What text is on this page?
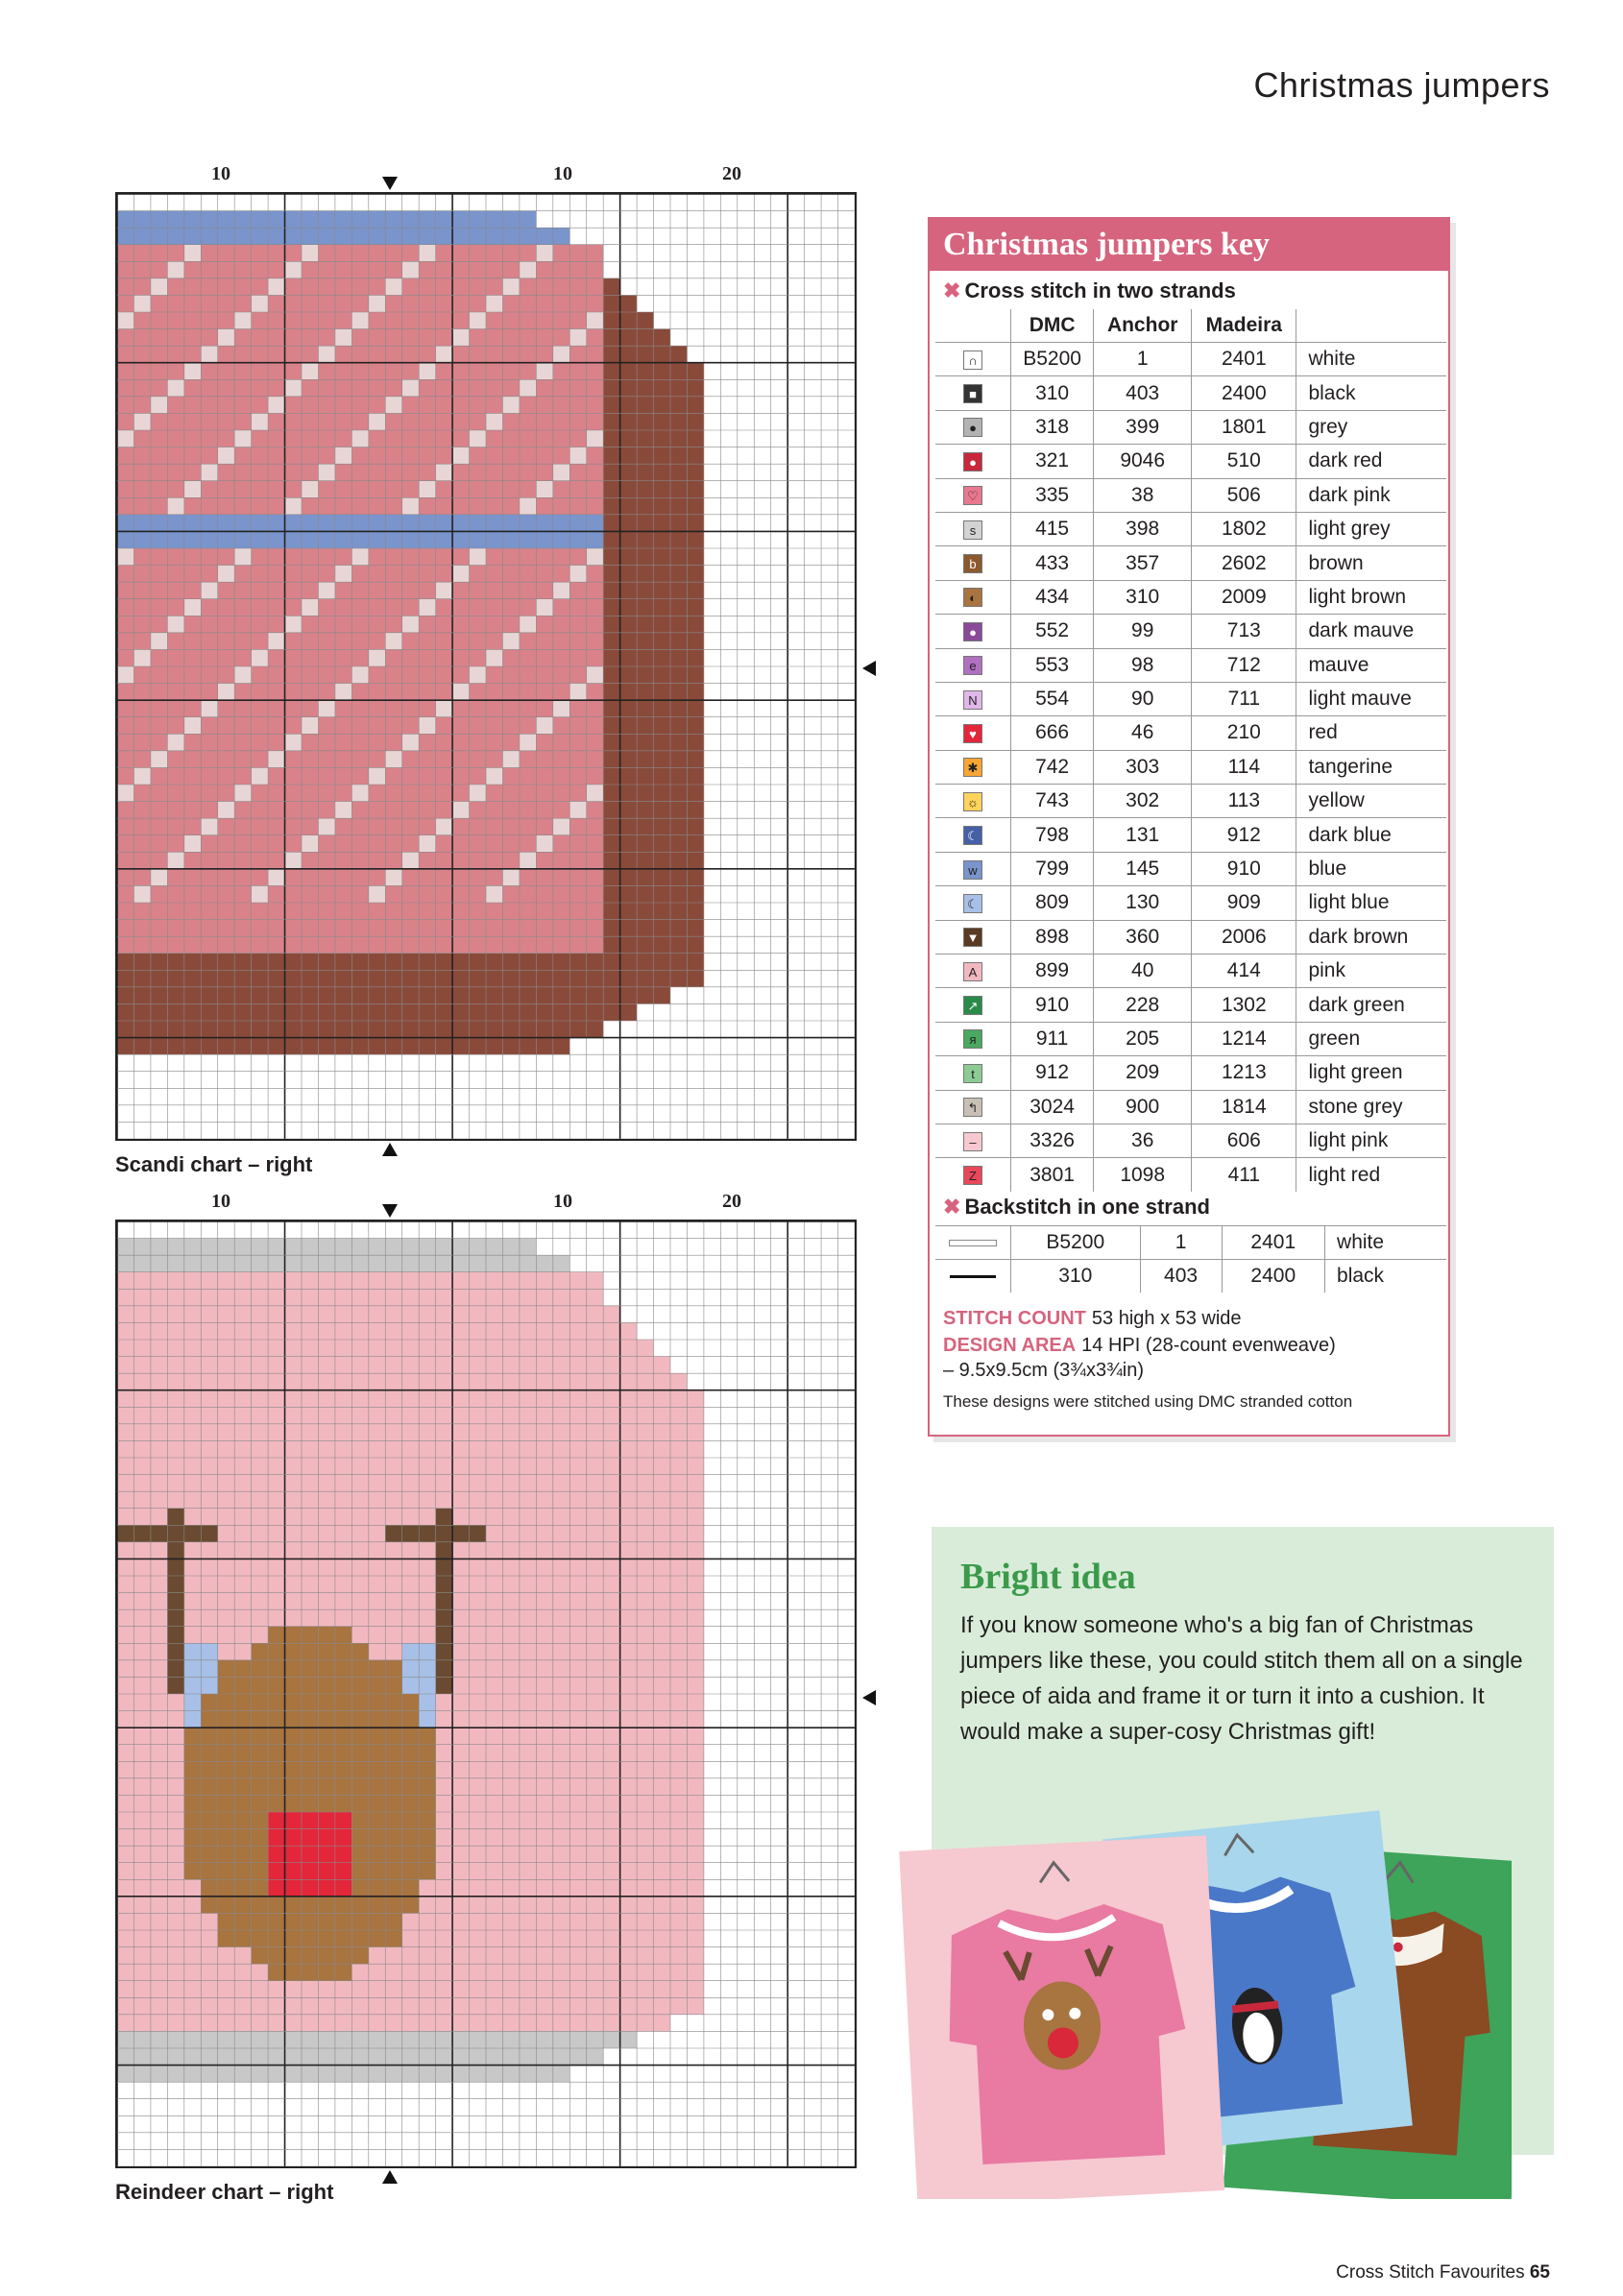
Christmas jumpers
10	10	20
Scandi chart – right
10	10	20
Reindeer chart – right
Christmas jumpers key
✖ Cross stitch in two strands
	DMC	Anchor	Madeira	
∩	B5200	1	2401	white
■	310	403	2400	black
●	318	399	1801	grey
●	321	9046	510	dark red
♡	335	38	506	dark pink
s	415	398	1802	light grey
b	433	357	2602	brown
◐	434	310	2009	light brown
●	552	99	713	dark mauve
e	553	98	712	mauve
N	554	90	711	light mauve
♥	666	46	210	red
✱	742	303	114	tangerine
☼	743	302	113	yellow
☾	798	131	912	dark blue
w	799	145	910	blue
☾	809	130	909	light blue
▼	898	360	2006	dark brown
A	899	40	414	pink
↗	910	228	1302	dark green
я	911	205	1214	green
t	912	209	1213	light green
↰	3024	900	1814	stone grey
–	3326	36	606	light pink
Z	3801	1098	411	light red
✖ Backstitch in one strand
	B5200	1	2401	white
	310	403	2400	black
STITCH COUNT 53 high x 53 wide
DESIGN AREA 14 HPI (28-count evenweave)
– 9.5x9.5cm (3¾x3¾in)
These designs were stitched using DMC stranded cotton
Bright idea
If you know someone who's a big fan of Christmas jumpers like these, you could stitch them all on a single piece of aida and frame it or turn it into a cushion. It would make a super-cosy Christmas gift!
Cross Stitch Favourites 65
